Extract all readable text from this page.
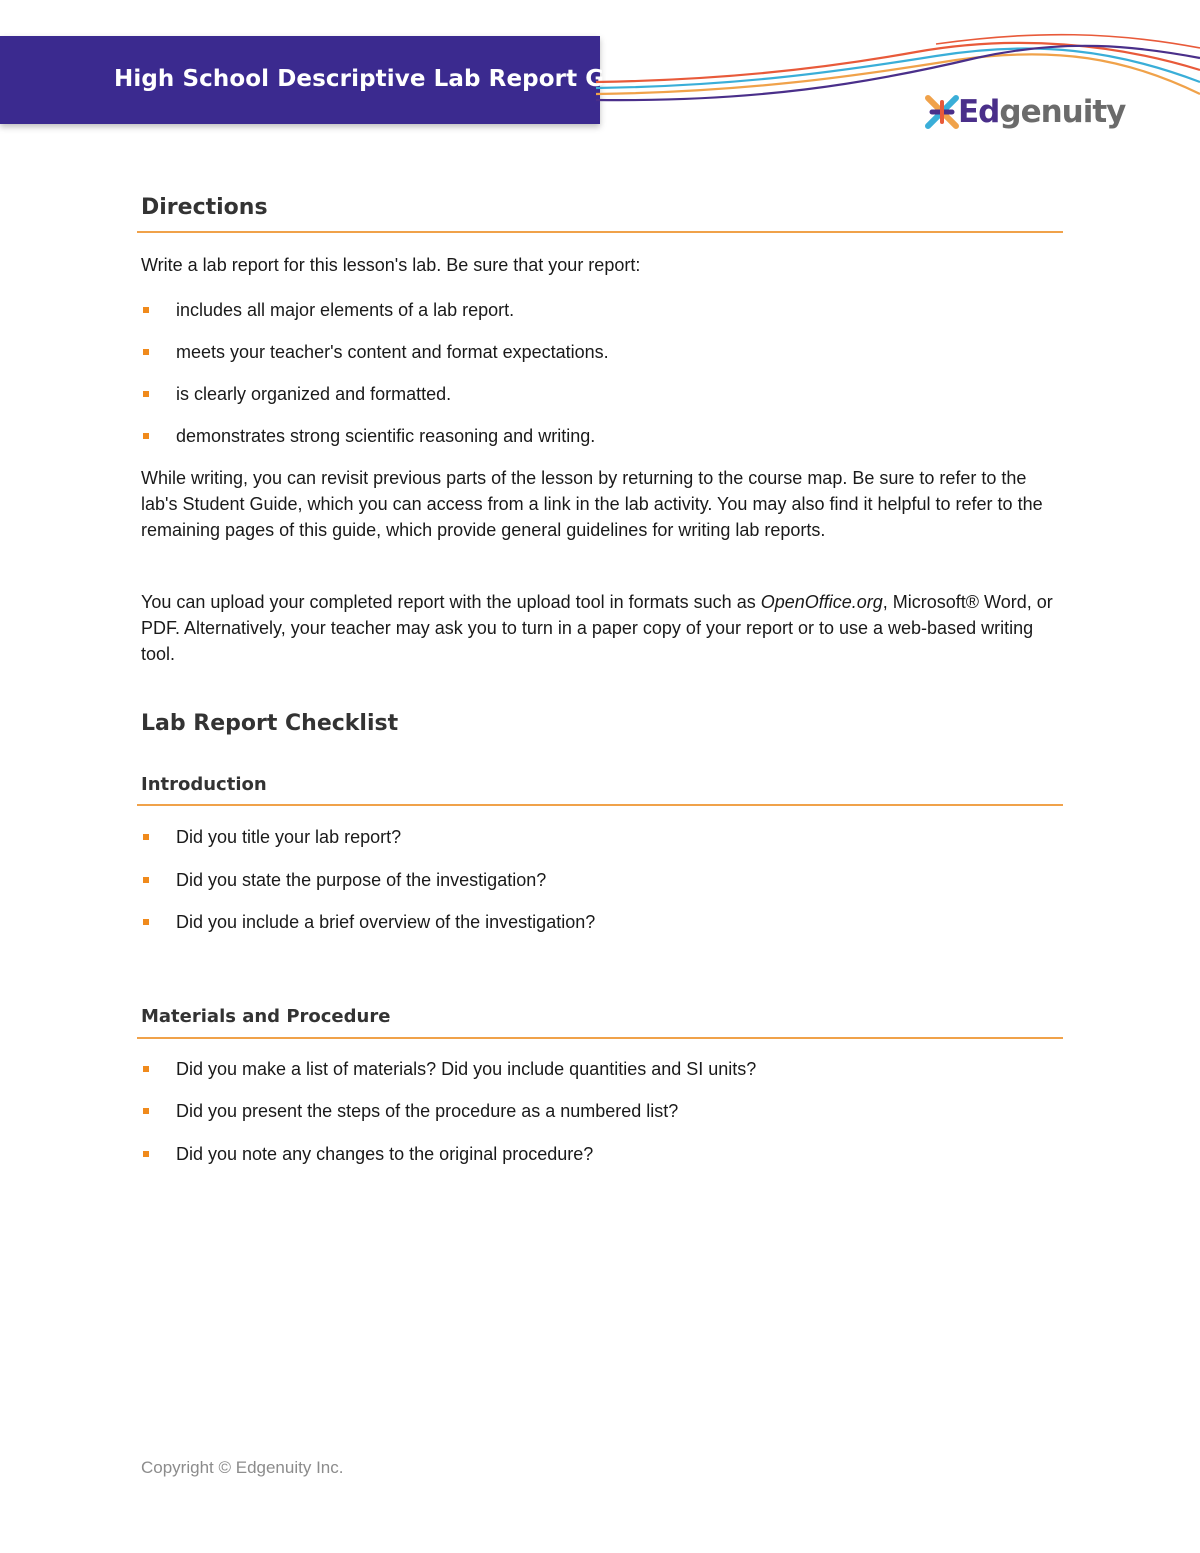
High School Descriptive Lab Report Guide
Edgenuity
Directions
Write a lab report for this lesson's lab. Be sure that your report:
includes all major elements of a lab report.
meets your teacher's content and format expectations.
is clearly organized and formatted.
demonstrates strong scientific reasoning and writing.
While writing, you can revisit previous parts of the lesson by returning to the course map. Be sure to refer to the lab's Student Guide, which you can access from a link in the lab activity. You may also find it helpful to refer to the remaining pages of this guide, which provide general guidelines for writing lab reports.
You can upload your completed report with the upload tool in formats such as OpenOffice.org, Microsoft® Word, or PDF. Alternatively, your teacher may ask you to turn in a paper copy of your report or to use a web-based writing tool.
Lab Report Checklist
Introduction
Did you title your lab report?
Did you state the purpose of the investigation?
Did you include a brief overview of the investigation?
Materials and Procedure
Did you make a list of materials? Did you include quantities and SI units?
Did you present the steps of the procedure as a numbered list?
Did you note any changes to the original procedure?
Copyright © Edgenuity Inc.
